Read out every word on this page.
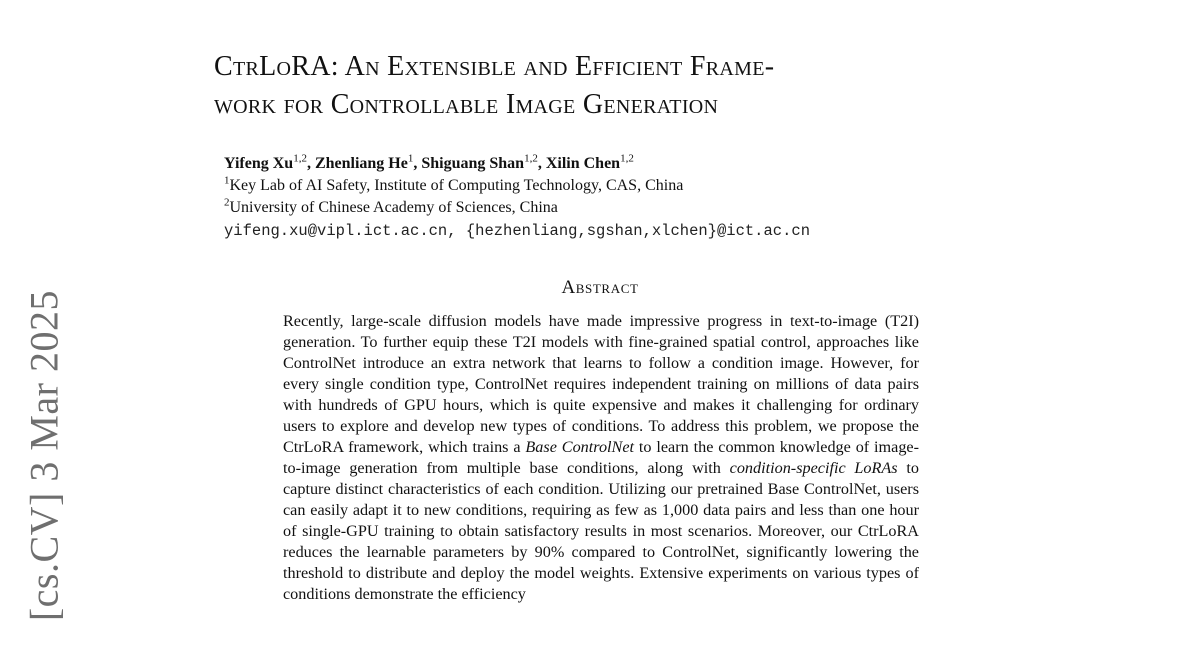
[cs.CV] 3 Mar 2025
CtrLoRA: An Extensible and Efficient Frame-
work for Controllable Image Generation
Yifeng Xu$^{1,2}$, Zhenliang He$^1$, Shiguang Shan$^{1,2}$, Xilin Chen$^{1,2}$
$^1$Key Lab of AI Safety, Institute of Computing Technology, CAS, China
$^2$University of Chinese Academy of Sciences, China
yifeng.xu@vipl.ict.ac.cn, {hezhenliang,sgshan,xlchen}@ict.ac.cn
Abstract
Recently, large-scale diffusion models have made impressive progress in text-to-image (T2I) generation. To further equip these T2I models with fine-grained spatial control, approaches like ControlNet introduce an extra network that learns to follow a condition image. However, for every single condition type, ControlNet requires independent training on millions of data pairs with hundreds of GPU hours, which is quite expensive and makes it challenging for ordinary users to explore and develop new types of conditions. To address this problem, we propose the CtrLoRA framework, which trains a Base ControlNet to learn the common knowledge of image-to-image generation from multiple base conditions, along with condition-specific LoRAs to capture distinct characteristics of each condition. Utilizing our pretrained Base ControlNet, users can easily adapt it to new conditions, requiring as few as 1,000 data pairs and less than one hour of single-GPU training to obtain satisfactory results in most scenarios. Moreover, our CtrLoRA reduces the learnable parameters by 90% compared to ControlNet, significantly lowering the threshold to distribute and deploy the model weights. Extensive experiments on various types of conditions demonstrate the efficiency
